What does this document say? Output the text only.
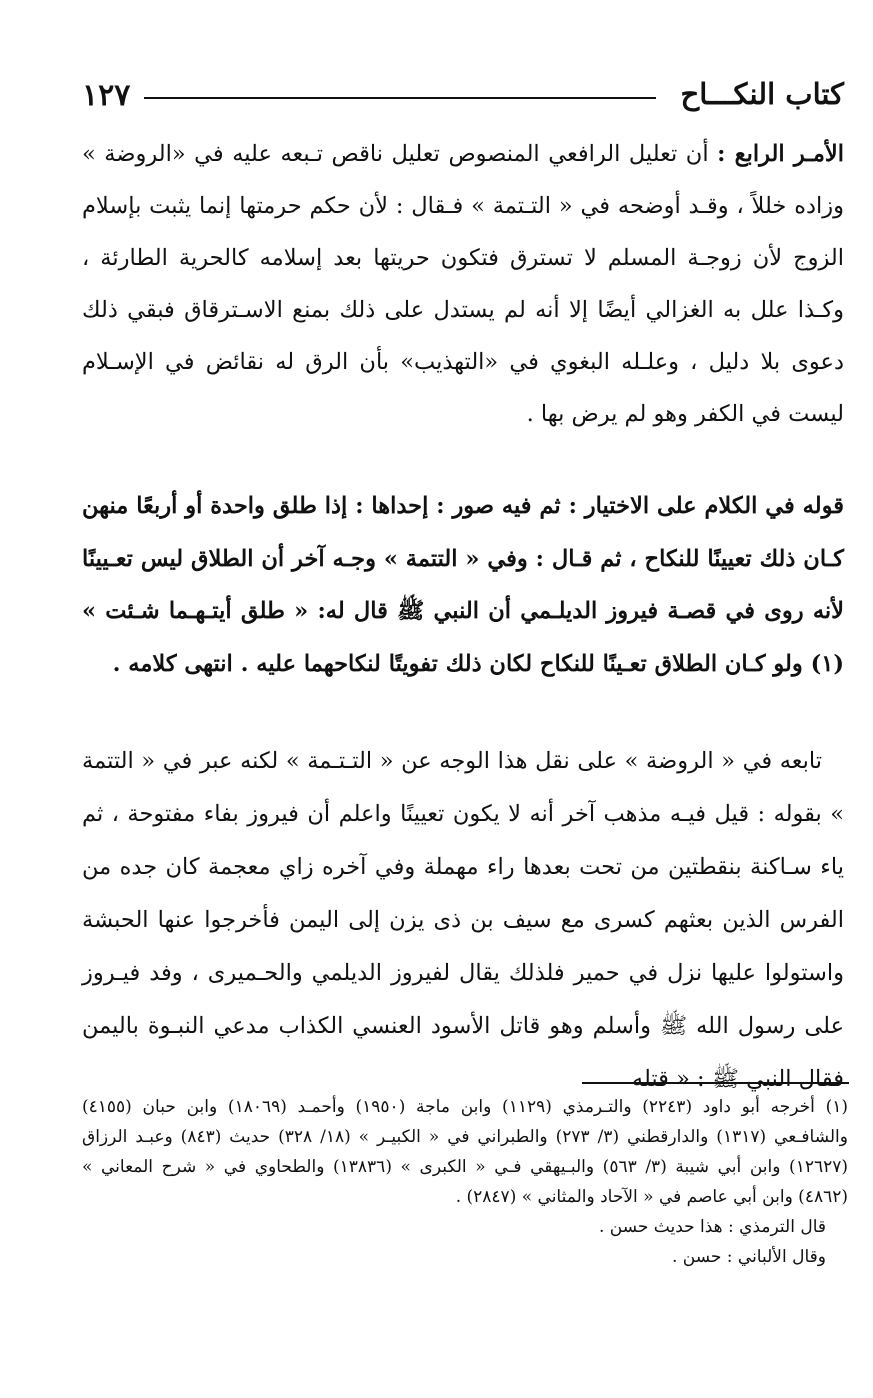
١٢٧	كتاب النكـــاح
الأمـر الرابع : أن تعليل الرافعي المنصوص تعليل ناقص تـبعه عليه في «الروضة » وزاده خللاً ، وقـد أوضحه في « التـتمة » فـقال : لأن حكم حرمتها إنما يثبت بإسلام الزوج لأن زوجـة المسلم لا تسترق فتكون حريتها بعد إسلامه كالحرية الطارئة ، وكـذا علل به الغزالي أيضًا إلا أنه لم يستدل على ذلك بمنع الاسـترقاق فبقي ذلك دعوى بلا دليل ، وعلـله البغوي في «التهذيب» بأن الرق له نقائض في الإسـلام ليست في الكفر وهو لم يرض بها .
قوله في الكلام على الاختيار : ثم فيه صور : إحداها : إذا طلق واحدة أو أربعًا منهن كـان ذلك تعيينًا للنكاح ، ثم قـال : وفي « التتمة » وجـه آخر أن الطلاق ليس تعـيينًا لأنه روى في قصـة فيروز الديلـمي أن النبي ﷺ قال له: « طلق أيتـهـما شـئت » (١) ولو كـان الطلاق تعـينًا للنكاح لكان ذلك تفويتًا لنكاحهما عليه . انتهى كلامه .
تابعه في « الروضة » على نقل هذا الوجه عن « التـتـمة » لكنه عبر في « التتمة » بقوله : قيل فيـه مذهب آخر أنه لا يكون تعيينًا واعلم أن فيروز بفاء مفتوحة ، ثم ياء سـاكنة بنقطتين من تحت بعدها راء مهملة وفي آخره زاي معجمة كان جده من الفرس الذين بعثهم كسرى مع سيف بن ذى يزن إلى اليمن فأخرجوا عنها الحبشة واستولوا عليها نزل في حمير فلذلك يقال لفيروز الديلمي والحـميرى ، وفد فيـروز على رسول الله ﷺ وأسلم وهو قاتل الأسود العنسي الكذاب مدعي النبـوة باليمن فقال النبي ﷺ : « قتله

(١) أخرجه أبو داود (٢٢٤٣) والتـرمذي (١١٢٩) وابن ماجة (١٩٥٠) وأحمـد (١٨٠٦٩) وابن حبان (٤١٥٥) والشافـعي (١٣١٧) والدارقطني (٣/ ٢٧٣) والطبراني في « الكبيـر » (١٨/ ٣٢٨) حديث (٨٤٣) وعبـد الرزاق (١٢٦٢٧) وابن أبي شيبة (٣/ ٥٦٣) والبـيهقي فـي « الكبرى » (١٣٨٣٦) والطحاوي في « شرح المعاني » (٤٨٦٢) وابن أبي عاصم في « الآحاد والمثاني » (٢٨٤٧) .

قال الترمذي : هذا حديث حسن .

وقال الألباني : حسن .
